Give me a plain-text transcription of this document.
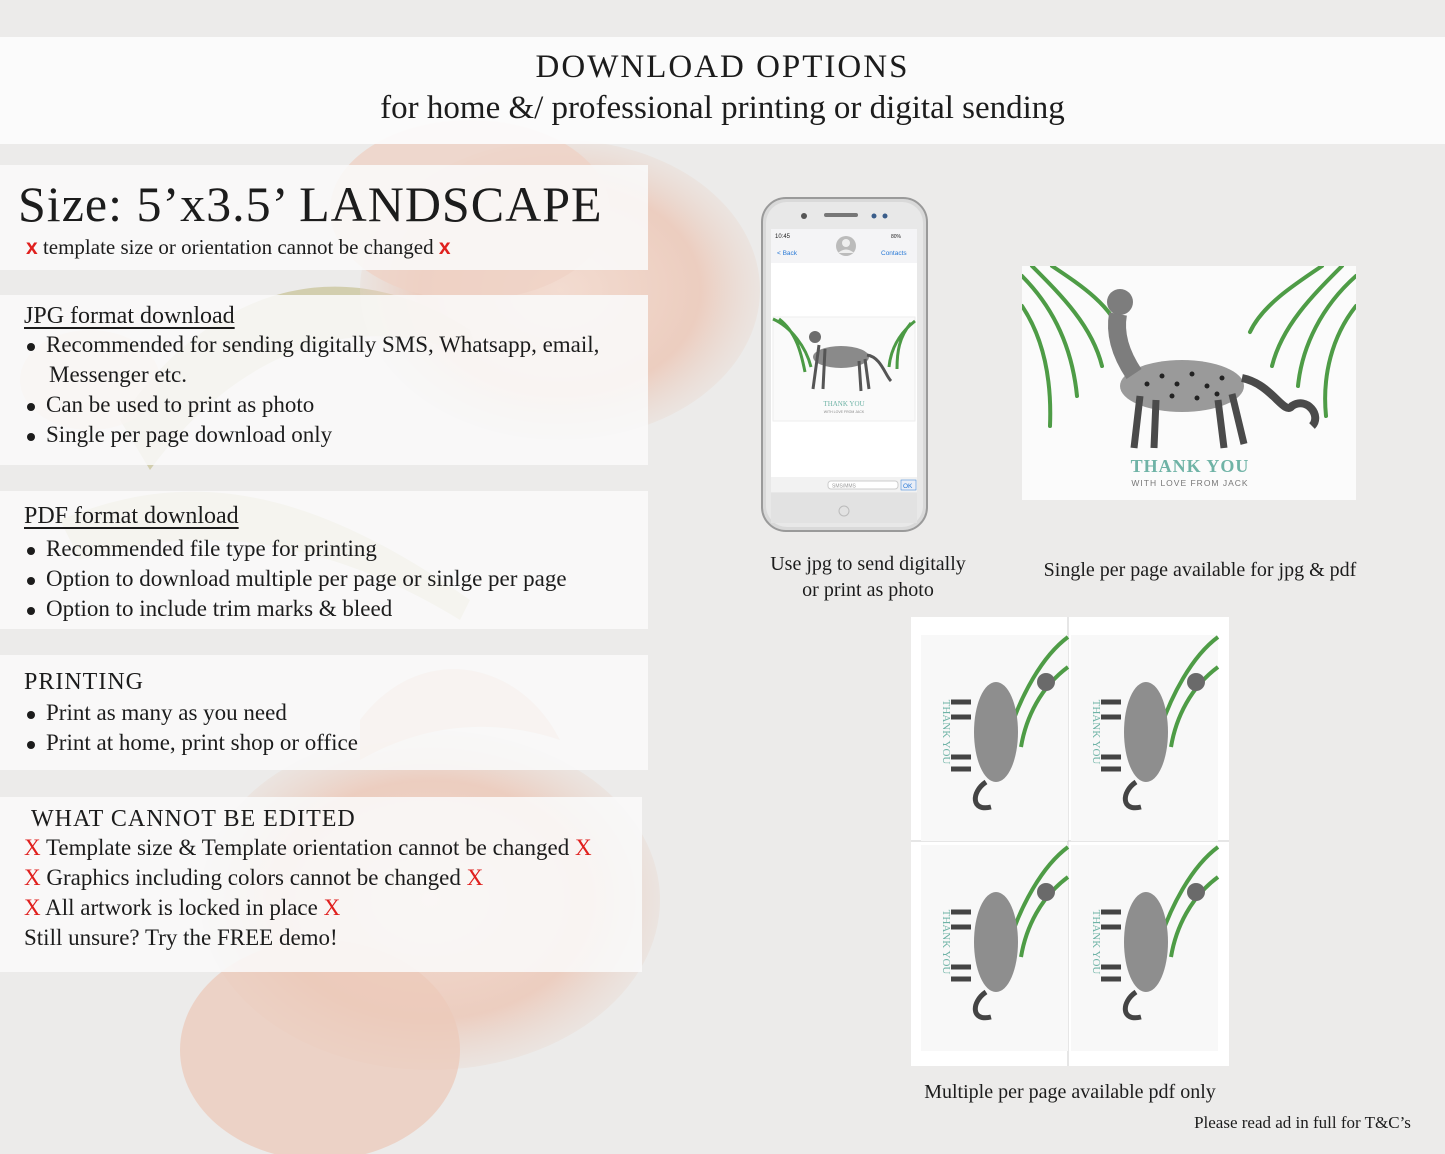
DOWNLOAD OPTIONS
for home &/ professional printing or digital sending
Size: 5’x3.5’ LANDSCAPE
x template size or orientation cannot be changed x
JPG format download
Recommended for sending digitally SMS, Whatsapp, email,
Messenger etc.
Can be used to print as photo
Single per page download only
PDF format download
Recommended file type for printing
Option to download multiple per page or sinlge per page
Option to include trim marks & bleed
PRINTING
Print as many as you need
Print at home, print shop or office
WHAT CANNOT BE EDITED
X Template size & Template orientation cannot be changed X
X Graphics including colors cannot be changed X
X All artwork is locked in place X
Still unsure? Try the FREE demo!
10:45	80%
< Back	Contacts
THANK YOU
WITH LOVE FROM JACK
SMS/MMS	OK
THANK YOU
WITH LOVE FROM JACK
THANK YOU	THANK YOU
THANK YOU	THANK YOU
Use jpg to send digitally
or print as photo
Single per page available for jpg & pdf
Multiple per page available pdf only
Please read ad in full for T&C’s
